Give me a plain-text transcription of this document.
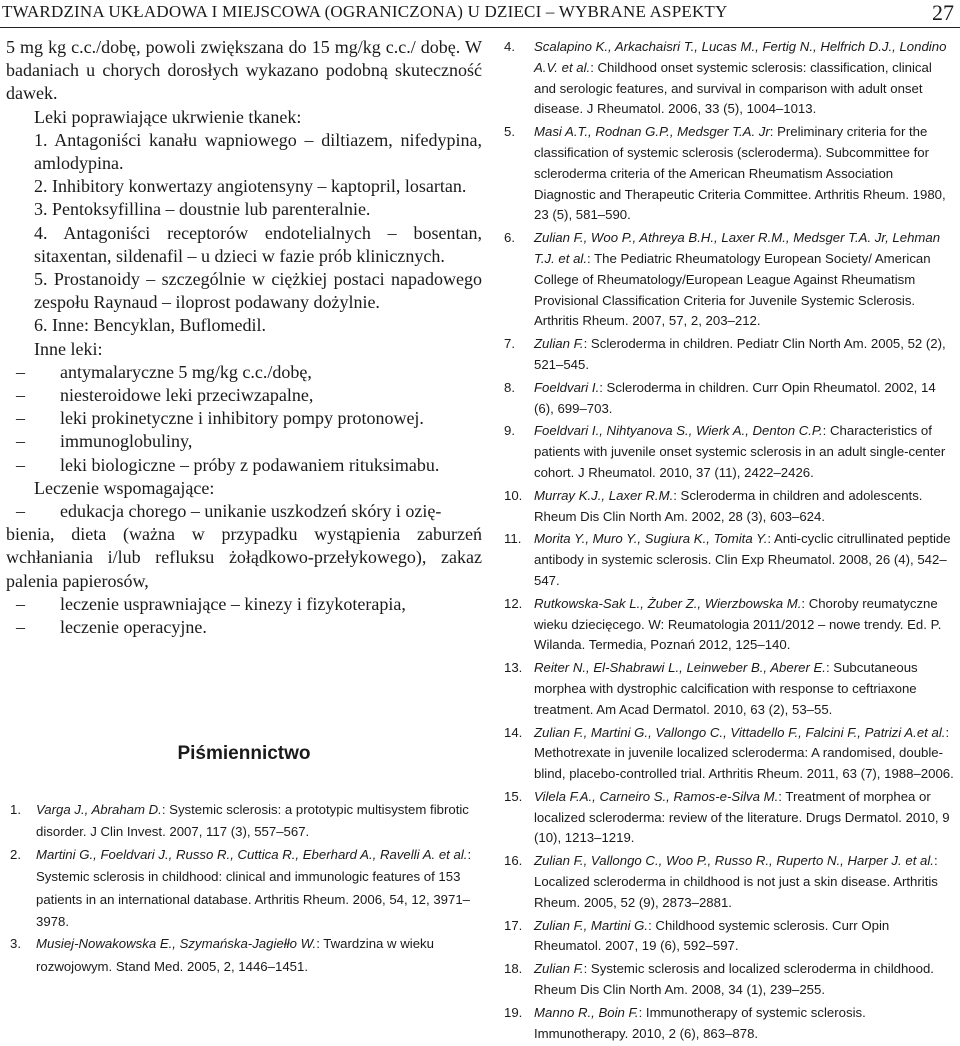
TWARDZINA UKŁADOWA I MIEJSCOWA (OGRANICZONA) U DZIECI – WYBRANE ASPEKTY	27

5 mg kg c.c./dobę, powoli zwiększana do 15 mg/kg c.c./ dobę. W badaniach u chorych dorosłych wykazano podobną skuteczność dawek.

Leki poprawiające ukrwienie tkanek:

1. Antagoniści kanału wapniowego – diltiazem, nifedypina, amlodypina.

2. Inhibitory konwertazy angiotensyny – kaptopril, losartan.

3. Pentoksyfillina – doustnie lub parenteralnie.

4. Antagoniści receptorów endotelialnych – bosentan, sitaxentan, sildenafil – u dzieci w fazie prób klinicznych.

5. Prostanoidy – szczególnie w ciężkiej postaci napadowego zespołu Raynaud – iloprost podawany dożylnie.

6. Inne: Bencyklan, Buflomedil.

Inne leki:

– antymalaryczne 5 mg/kg c.c./dobę,

– niesteroidowe leki przeciwzapalne,

– leki prokinetyczne i inhibitory pompy protonowej.

– immunoglobuliny,

– leki biologiczne – próby z podawaniem rituksimabu.

Leczenie wspomagające:

– edukacja chorego – unikanie uszkodzeń skóry i ozię-

bienia, dieta (ważna w przypadku wystąpienia zaburzeń wchłaniania i/lub refluksu żołądkowo-przełykowego), zakaz palenia papierosów,

– leczenie usprawniające – kinezy i fizykoterapia,

– leczenie operacyjne.

Piśmiennictwo
1.	Varga J., Abraham D.: Systemic sclerosis: a prototypic multisystem fibrotic disorder. J Clin Invest. 2007, 117 (3), 557–567.
2.	Martini G., Foeldvari J., Russo R., Cuttica R., Eberhard A., Ravelli A. et al.: Systemic sclerosis in childhood: clinical and immunologic features of 153 patients in an international database. Arthritis Rheum. 2006, 54, 12, 3971–3978.
3.	Musiej-Nowakowska E., Szymańska-Jagiełło W.: Twardzina w wieku rozwojowym. Stand Med. 2005, 2, 1446–1451.
4.	Scalapino K., Arkachaisri T., Lucas M., Fertig N., Helfrich D.J., Londino A.V. et al.: Childhood onset systemic sclerosis: classification, clinical and serologic features, and survival in comparison with adult onset disease. J Rheumatol. 2006, 33 (5), 1004–1013.
5.	Masi A.T., Rodnan G.P., Medsger T.A. Jr: Preliminary criteria for the classification of systemic sclerosis (scleroderma). Subcommittee for scleroderma criteria of the American Rheumatism Association Diagnostic and Therapeutic Criteria Committee. Arthritis Rheum. 1980, 23 (5), 581–590.
6.	Zulian F., Woo P., Athreya B.H., Laxer R.M., Medsger T.A. Jr, Lehman T.J. et al.: The Pediatric Rheumatology European Society/ American College of Rheumatology/European League Against Rheumatism Provisional Classification Criteria for Juvenile Systemic Sclerosis. Arthritis Rheum. 2007, 57, 2, 203–212.
7.	Zulian F.: Scleroderma in children. Pediatr Clin North Am. 2005, 52 (2), 521–545.
8.	Foeldvari I.: Scleroderma in children. Curr Opin Rheumatol. 2002, 14 (6), 699–703.
9.	Foeldvari I., Nihtyanova S., Wierk A., Denton C.P.: Characteristics of patients with juvenile onset systemic sclerosis in an adult single-center cohort. J Rheumatol. 2010, 37 (11), 2422–2426.
10. Murray K.J., Laxer R.M.: Scleroderma in children and adolescents. Rheum Dis Clin North Am. 2002, 28 (3), 603–624.
11. Morita Y., Muro Y., Sugiura K., Tomita Y.: Anti-cyclic citrullinated peptide antibody in systemic sclerosis. Clin Exp Rheumatol. 2008, 26 (4), 542–547.
12. Rutkowska-Sak L., Żuber Z., Wierzbowska M.: Choroby reumatyczne wieku dziecięcego. W: Reumatologia 2011/2012 – nowe trendy. Ed. P. Wilanda. Termedia, Poznań 2012, 125–140.
13. Reiter N., El-Shabrawi L., Leinweber B., Aberer E.: Subcutaneous morphea with dystrophic calcification with response to ceftriaxone treatment. Am Acad Dermatol. 2010, 63 (2), 53–55.
14. Zulian F., Martini G., Vallongo C., Vittadello F., Falcini F., Patrizi A.et al.: Methotrexate in juvenile localized scleroderma: A randomised, double-blind, placebo-controlled trial. Arthritis Rheum. 2011, 63 (7), 1988–2006.
15. Vilela F.A., Carneiro S., Ramos-e-Silva M.: Treatment of morphea or localized scleroderma: review of the literature. Drugs Dermatol. 2010, 9 (10), 1213–1219.
16. Zulian F., Vallongo C., Woo P., Russo R., Ruperto N., Harper J. et al.: Localized scleroderma in childhood is not just a skin disease. Arthritis Rheum. 2005, 52 (9), 2873–2881.
17. Zulian F., Martini G.: Childhood systemic sclerosis. Curr Opin Rheumatol. 2007, 19 (6), 592–597.
18. Zulian F.: Systemic sclerosis and localized scleroderma in childhood. Rheum Dis Clin North Am. 2008, 34 (1), 239–255.
19. Manno R., Boin F.: Immunotherapy of systemic sclerosis. Immunotherapy. 2010, 2 (6), 863–878.
